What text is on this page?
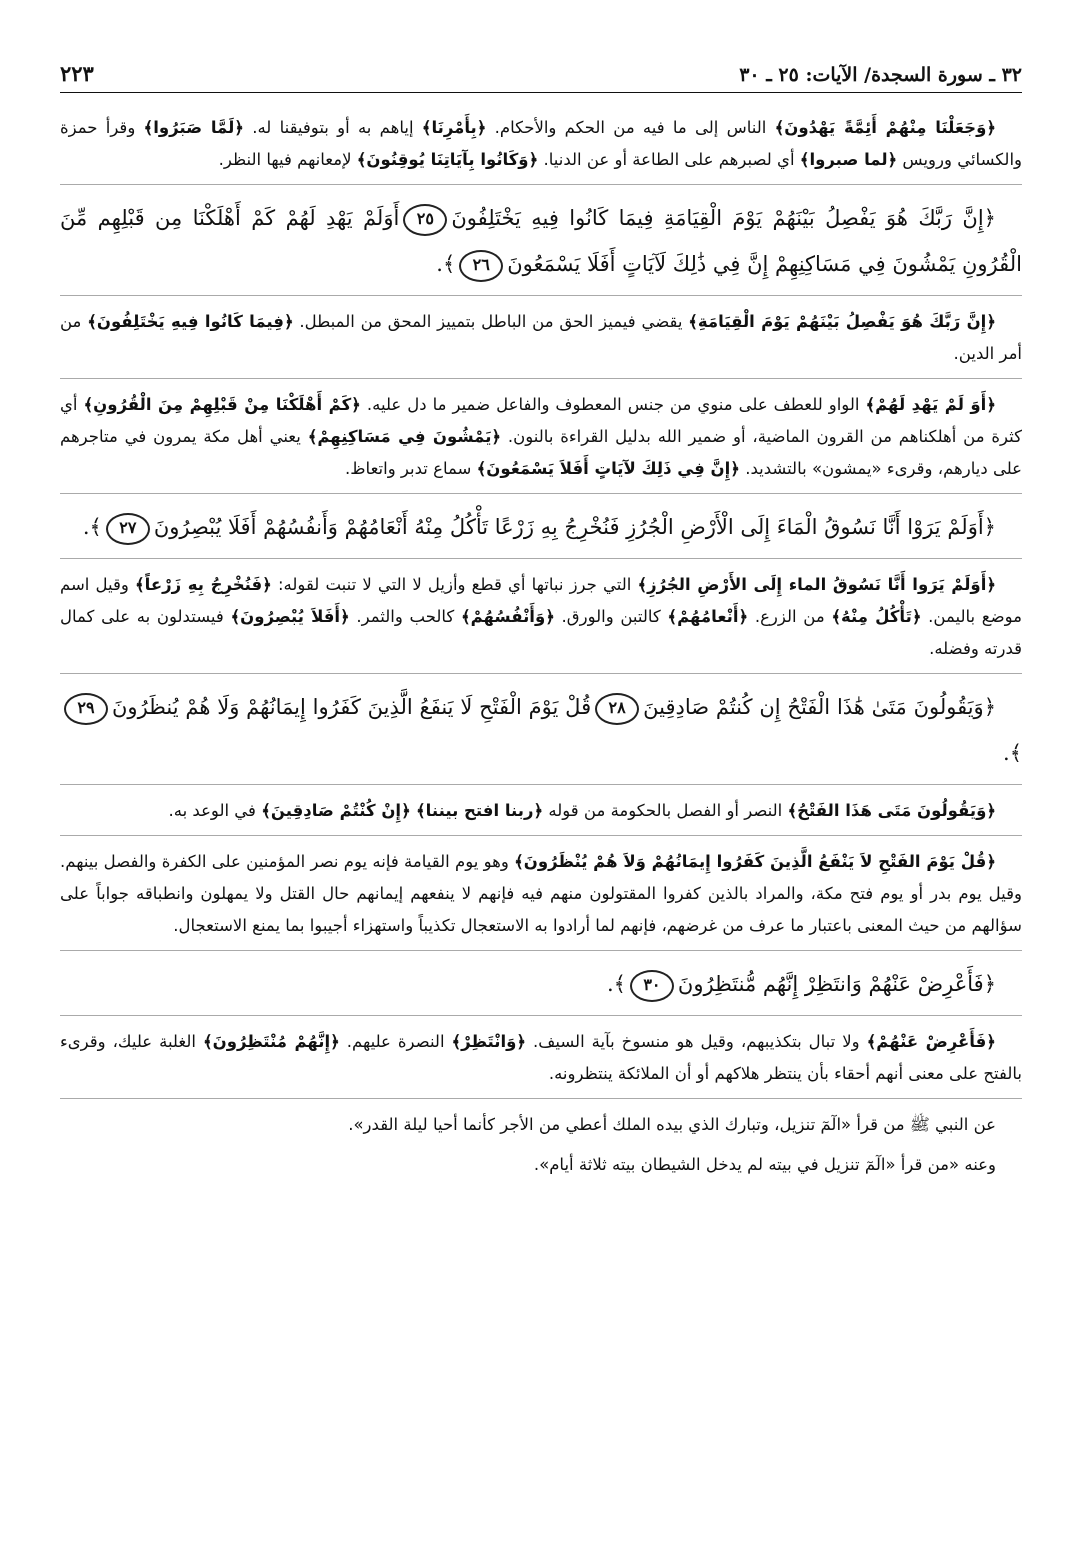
٣٢ ـ سورة السجدة/ الآيات: ٢٥ ـ ٣٠
٢٢٣

﴿وَجَعَلْنَا مِنْهُمْ أَئِمَّةً يَهْدُونَ﴾ الناس إلى ما فيه من الحكم والأحكام. ﴿بِأَمْرِنَا﴾ إياهم به أو بتوفيقنا له. ﴿لَمَّا صَبَرُوا﴾ وقرأ حمزة والكسائي ورويس ﴿لما صبروا﴾ أي لصبرهم على الطاعة أو عن الدنيا. ﴿وَكَانُوا بِآيَاتِنَا يُوقِنُونَ﴾ لإمعانهم فيها النظر.

﴿إِنَّ رَبَّكَ هُوَ يَفْصِلُ بَيْنَهُمْ يَوْمَ الْقِيَامَةِ فِيمَا كَانُوا فِيهِ يَخْتَلِفُونَ٢٥أَوَلَمْ يَهْدِ لَهُمْ كَمْ أَهْلَكْنَا مِن قَبْلِهِم مِّنَ الْقُرُونِ يَمْشُونَ فِي مَسَاكِنِهِمْ إِنَّ فِي ذَٰلِكَ لَآيَاتٍ أَفَلَا يَسْمَعُونَ٢٦﴾.

﴿إِنَّ رَبَّكَ هُوَ يَفْصِلُ بَيْنَهُمْ يَوْمَ الْقِيَامَةِ﴾ يقضي فيميز الحق من الباطل بتمييز المحق من المبطل. ﴿فِيمَا كَانُوا فِيهِ يَخْتَلِفُونَ﴾ من أمر الدين.

﴿أَوَ لَمْ يَهْدِ لَهُمْ﴾ الواو للعطف على منوي من جنس المعطوف والفاعل ضمير ما دل عليه. ﴿كَمْ أَهْلَكْنَا مِنْ قَبْلِهِمْ مِنَ الْقُرُونِ﴾ أي كثرة من أهلكناهم من القرون الماضية، أو ضمير الله بدليل القراءة بالنون. ﴿يَمْشُونَ فِي مَسَاكِنِهِمْ﴾ يعني أهل مكة يمرون في متاجرهم على ديارهم، وقرىء «يمشون» بالتشديد. ﴿إِنَّ فِي ذَلِكَ لآيَاتٍ أَفَلاَ يَسْمَعُونَ﴾ سماع تدبر واتعاظ.

﴿أَوَلَمْ يَرَوْا أَنَّا نَسُوقُ الْمَاءَ إِلَى الْأَرْضِ الْجُرُزِ فَنُخْرِجُ بِهِ زَرْعًا تَأْكُلُ مِنْهُ أَنْعَامُهُمْ وَأَنفُسُهُمْ أَفَلَا يُبْصِرُونَ٢٧﴾.

﴿أَوَلَمْ يَرَوا أَنَّا نَسُوقُ الماء إِلَى الأَرْضِ الجُرُزِ﴾ التي جرز نباتها أي قطع وأزيل لا التي لا تنبت لقوله: ﴿فَنُخْرِجُ بِهِ زَرْعاً﴾ وقيل اسم موضع باليمن. ﴿تَأْكُلُ مِنْهُ﴾ من الزرع. ﴿أَنْعامُهُمْ﴾ كالتبن والورق. ﴿وَأَنْفُسُهُمْ﴾ كالحب والثمر. ﴿أَفَلاَ يُبْصِرُونَ﴾ فيستدلون به على كمال قدرته وفضله.

﴿وَيَقُولُونَ مَتَىٰ هَٰذَا الْفَتْحُ إِن كُنتُمْ صَادِقِينَ٢٨قُلْ يَوْمَ الْفَتْحِ لَا يَنفَعُ الَّذِينَ كَفَرُوا إِيمَانُهُمْ وَلَا هُمْ يُنظَرُونَ٢٩﴾.

﴿وَيَقُولُونَ مَتَى هَذَا الفَتْحُ﴾ النصر أو الفصل بالحكومة من قوله ﴿ربنا افتح بيننا﴾ ﴿إِنْ كُنْتُمْ صَادِقِينَ﴾ في الوعد به.

﴿قُلْ يَوْمَ الفَتْحِ لاَ يَنْفَعُ الَّذِينَ كَفَرُوا إِيمَانُهُمْ وَلاَ هُمْ يُنْظَرُونَ﴾ وهو يوم القيامة فإنه يوم نصر المؤمنين على الكفرة والفصل بينهم. وقيل يوم بدر أو يوم فتح مكة، والمراد بالذين كفروا المقتولون منهم فيه فإنهم لا ينفعهم إيمانهم حال القتل ولا يمهلون وانطباقه جواباً على سؤالهم من حيث المعنى باعتبار ما عرف من غرضهم، فإنهم لما أرادوا به الاستعجال تكذيباً واستهزاء أجيبوا بما يمنع الاستعجال.

﴿فَأَعْرِضْ عَنْهُمْ وَانتَظِرْ إِنَّهُم مُّنتَظِرُونَ٣٠﴾.

﴿فَأَعْرِضْ عَنْهُمْ﴾ ولا تبال بتكذيبهم، وقيل هو منسوخ بآية السيف. ﴿وَانْتَظِرْ﴾ النصرة عليهم. ﴿إِنَّهُمْ مُنْتَظِرُونَ﴾ الغلبة عليك، وقرىء بالفتح على معنى أنهم أحقاء بأن ينتظر هلاكهم أو أن الملائكة ينتظرونه.

عن النبي ﷺ من قرأ «الٓمٓ تنزيل، وتبارك الذي بيده الملك أعطي من الأجر كأنما أحيا ليلة القدر».

وعنه «من قرأ «الٓمٓ تنزيل في بيته لم يدخل الشيطان بيته ثلاثة أيام».
